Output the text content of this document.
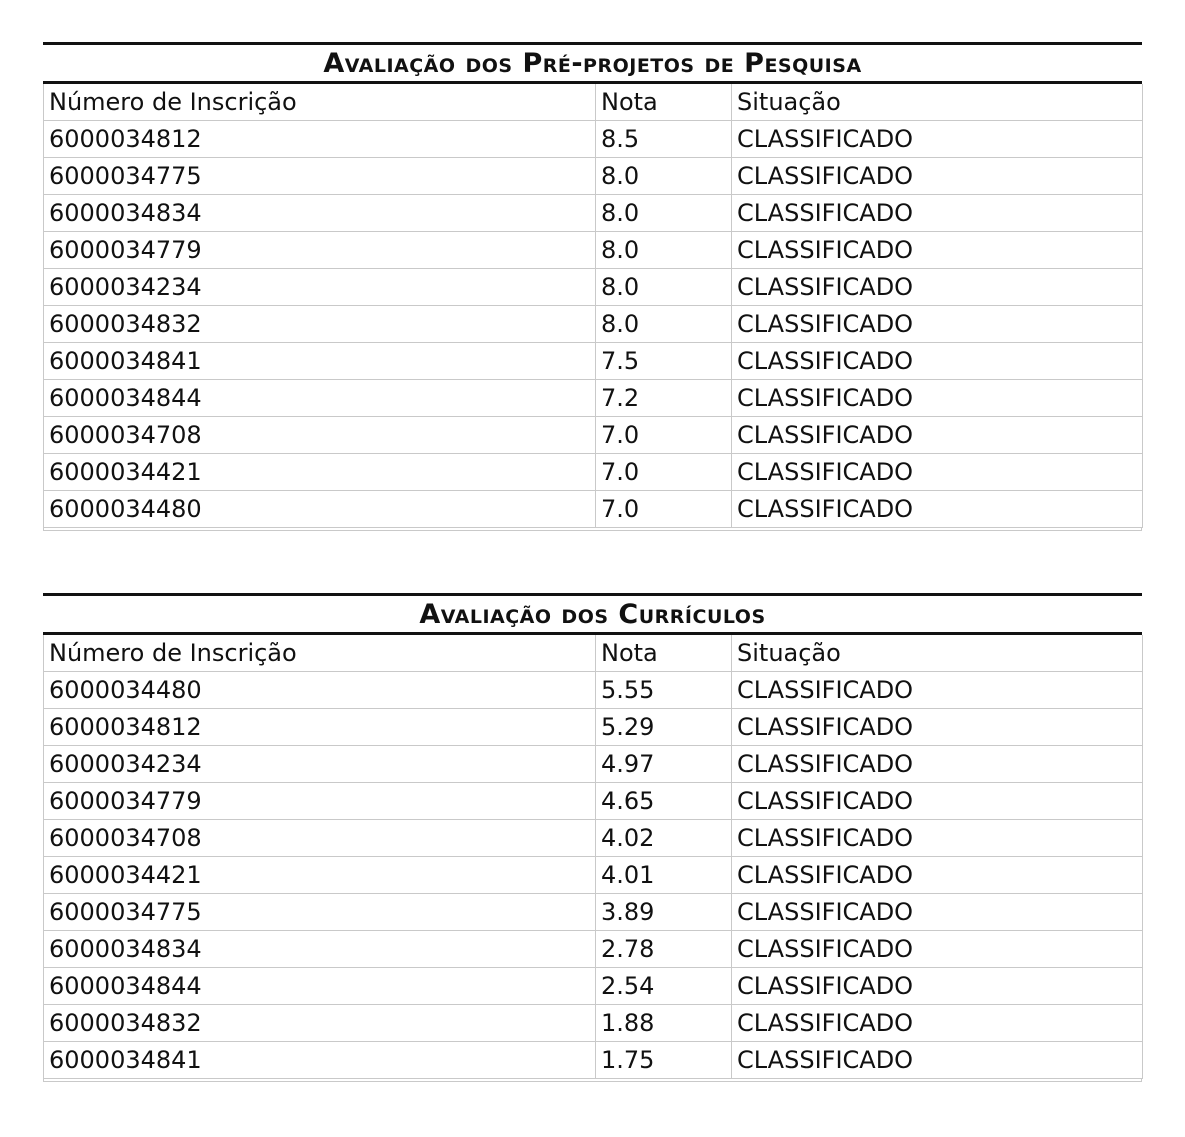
Avaliação dos Pré-projetos de Pesquisa
Número de Inscrição	Nota	Situação
6000034812	8.5	CLASSIFICADO
6000034775	8.0	CLASSIFICADO
6000034834	8.0	CLASSIFICADO
6000034779	8.0	CLASSIFICADO
6000034234	8.0	CLASSIFICADO
6000034832	8.0	CLASSIFICADO
6000034841	7.5	CLASSIFICADO
6000034844	7.2	CLASSIFICADO
6000034708	7.0	CLASSIFICADO
6000034421	7.0	CLASSIFICADO
6000034480	7.0	CLASSIFICADO
Avaliação dos Currículos
Número de Inscrição	Nota	Situação
6000034480	5.55	CLASSIFICADO
6000034812	5.29	CLASSIFICADO
6000034234	4.97	CLASSIFICADO
6000034779	4.65	CLASSIFICADO
6000034708	4.02	CLASSIFICADO
6000034421	4.01	CLASSIFICADO
6000034775	3.89	CLASSIFICADO
6000034834	2.78	CLASSIFICADO
6000034844	2.54	CLASSIFICADO
6000034832	1.88	CLASSIFICADO
6000034841	1.75	CLASSIFICADO
